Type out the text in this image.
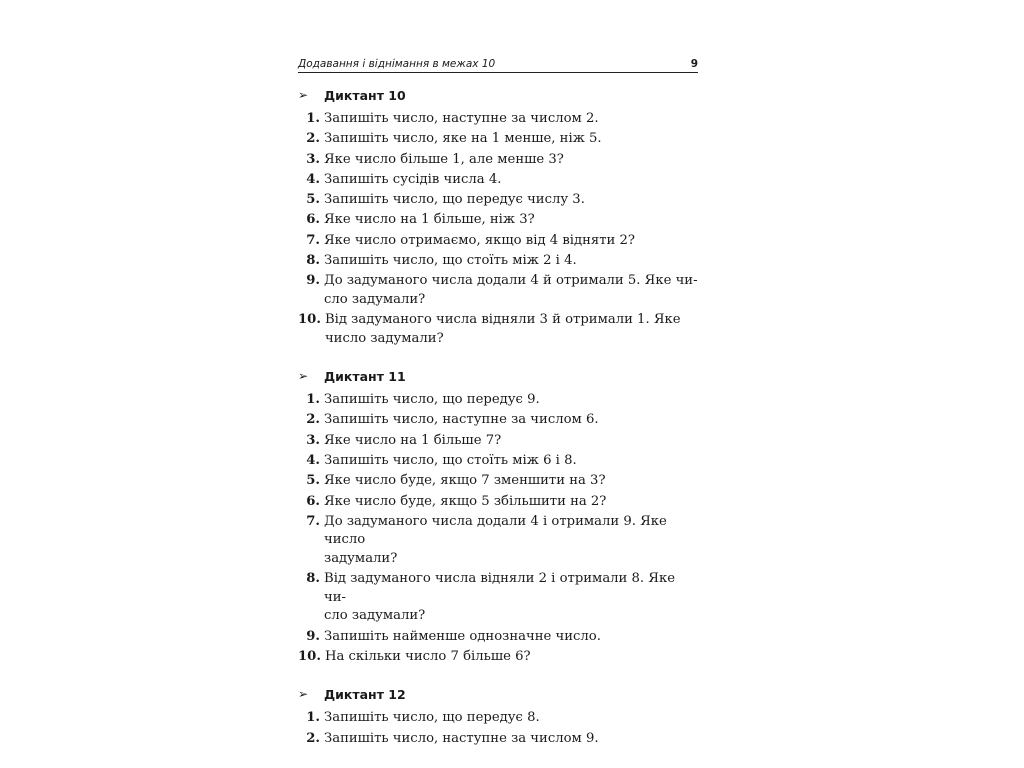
Додавання і віднімання в межах 10	9
➢	Диктант 10
1. Запишіть число, наступне за числом 2.
2. Запишіть число, яке на 1 менше, ніж 5.
3. Яке число більше 1, але менше 3?
4. Запишіть сусідів числа 4.
5. Запишіть число, що передує числу 3.
6. Яке число на 1 більше, ніж 3?
7. Яке число отримаємо, якщо від 4 відняти 2?
8. Запишіть число, що стоїть між 2 і 4.
9. До задуманого числа додали 4 й отримали 5. Яке чи-
сло задумали?
10. Від задуманого числа відняли 3 й отримали 1. Яке
число задумали?
➢	Диктант 11
1. Запишіть число, що передує 9.
2. Запишіть число, наступне за числом 6.
3. Яке число на 1 більше 7?
4. Запишіть число, що стоїть між 6 і 8.
5. Яке число буде, якщо 7 зменшити на 3?
6. Яке число буде, якщо 5 збільшити на 2?
7. До задуманого числа додали 4 і отримали 9. Яке число
задумали?
8. Від задуманого числа відняли 2 і отримали 8. Яке чи-
сло задумали?
9. Запишіть найменше однозначне число.
10. На скільки число 7 більше 6?
➢	Диктант 12
1. Запишіть число, що передує 8.
2. Запишіть число, наступне за числом 9.
